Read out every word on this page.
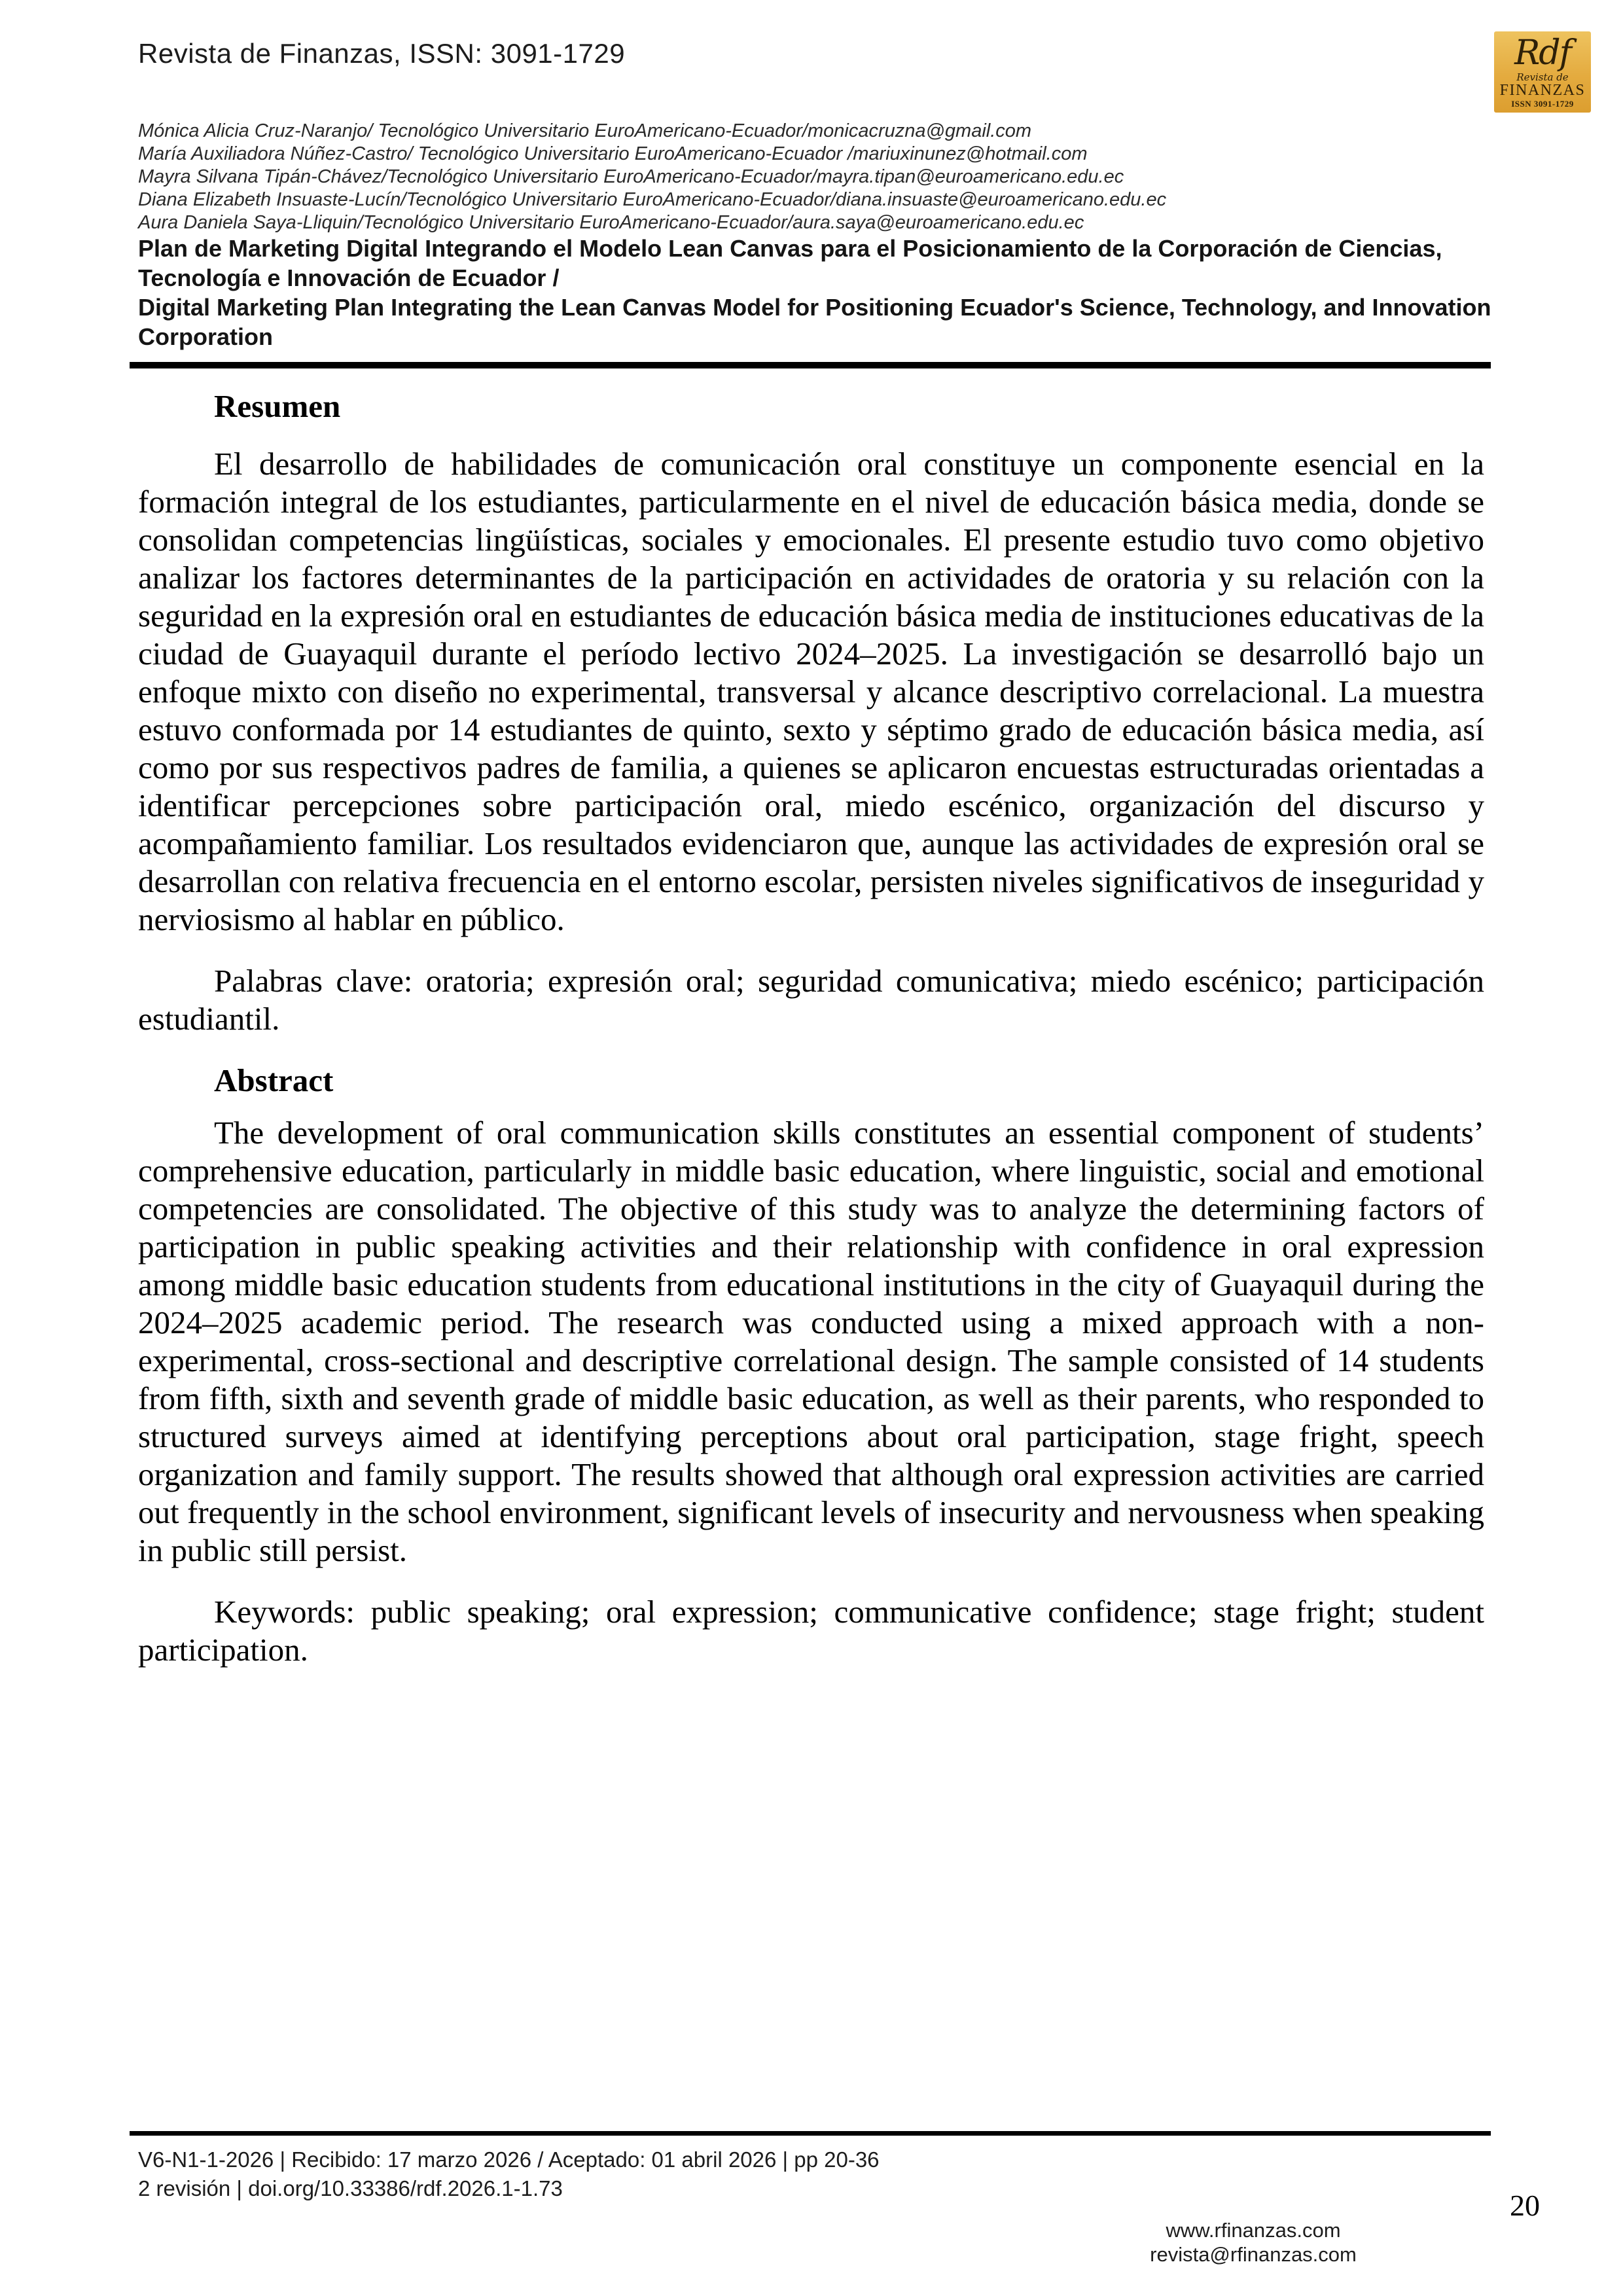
Revista de Finanzas, ISSN: 3091-1729	Rdf
Revista de
FINANZAS
ISSN 3091-1729
Mónica Alicia Cruz-Naranjo/ Tecnológico Universitario EuroAmericano-Ecuador/monicacruzna@gmail.com
María Auxiliadora Núñez-Castro/ Tecnológico Universitario EuroAmericano-Ecuador /mariuxinunez@hotmail.com
Mayra Silvana Tipán-Chávez/Tecnológico Universitario EuroAmericano-Ecuador/mayra.tipan@euroamericano.edu.ec
Diana Elizabeth Insuaste-Lucín/Tecnológico Universitario EuroAmericano-Ecuador/diana.insuaste@euroamericano.edu.ec
Aura Daniela Saya-Lliquin/Tecnológico Universitario EuroAmericano-Ecuador/aura.saya@euroamericano.edu.ec

Plan de Marketing Digital Integrando el Modelo Lean Canvas para el Posicionamiento de la Corporación de Ciencias, Tecnología e Innovación de Ecuador /

Digital Marketing Plan Integrating the Lean Canvas Model for Positioning Ecuador's Science, Technology, and Innovation Corporation

Resumen

El desarrollo de habilidades de comunicación oral constituye un componente esencial en la formación integral de los estudiantes, particularmente en el nivel de educación básica media, donde se consolidan competencias lingüísticas, sociales y emocionales. El presente estudio tuvo como objetivo analizar los factores determinantes de la participación en actividades de oratoria y su relación con la seguridad en la expresión oral en estudiantes de educación básica media de instituciones educativas de la ciudad de Guayaquil durante el período lectivo 2024–2025. La investigación se desarrolló bajo un enfoque mixto con diseño no experimental, transversal y alcance descriptivo correlacional. La muestra estuvo conformada por 14 estudiantes de quinto, sexto y séptimo grado de educación básica media, así como por sus respectivos padres de familia, a quienes se aplicaron encuestas estructuradas orientadas a identificar percepciones sobre participación oral, miedo escénico, organización del discurso y acompañamiento familiar. Los resultados evidenciaron que, aunque las actividades de expresión oral se desarrollan con relativa frecuencia en el entorno escolar, persisten niveles significativos de inseguridad y nerviosismo al hablar en público.

Palabras clave: oratoria; expresión oral; seguridad comunicativa; miedo escénico; participación estudiantil.

Abstract

The development of oral communication skills constitutes an essential component of students’ comprehensive education, particularly in middle basic education, where linguistic, social and emotional competencies are consolidated. The objective of this study was to analyze the determining factors of participation in public speaking activities and their relationship with confidence in oral expression among middle basic education students from educational institutions in the city of Guayaquil during the 2024–2025 academic period. The research was conducted using a mixed approach with a non-experimental, cross-sectional and descriptive correlational design. The sample consisted of 14 students from fifth, sixth and seventh grade of middle basic education, as well as their parents, who responded to structured surveys aimed at identifying perceptions about oral participation, stage fright, speech organization and family support. The results showed that although oral expression activities are carried out frequently in the school environment, significant levels of insecurity and nervousness when speaking in public still persist.

Keywords: public speaking; oral expression; communicative confidence; stage fright; student participation.

V6-N1-1-2026 | Recibido: 17 marzo 2026 / Aceptado: 01 abril 2026 | pp 20-36
2 revisión | doi.org/10.33386/rdf.2026.1-1.73
20
www.rfinanzas.com
revista@rfinanzas.com
